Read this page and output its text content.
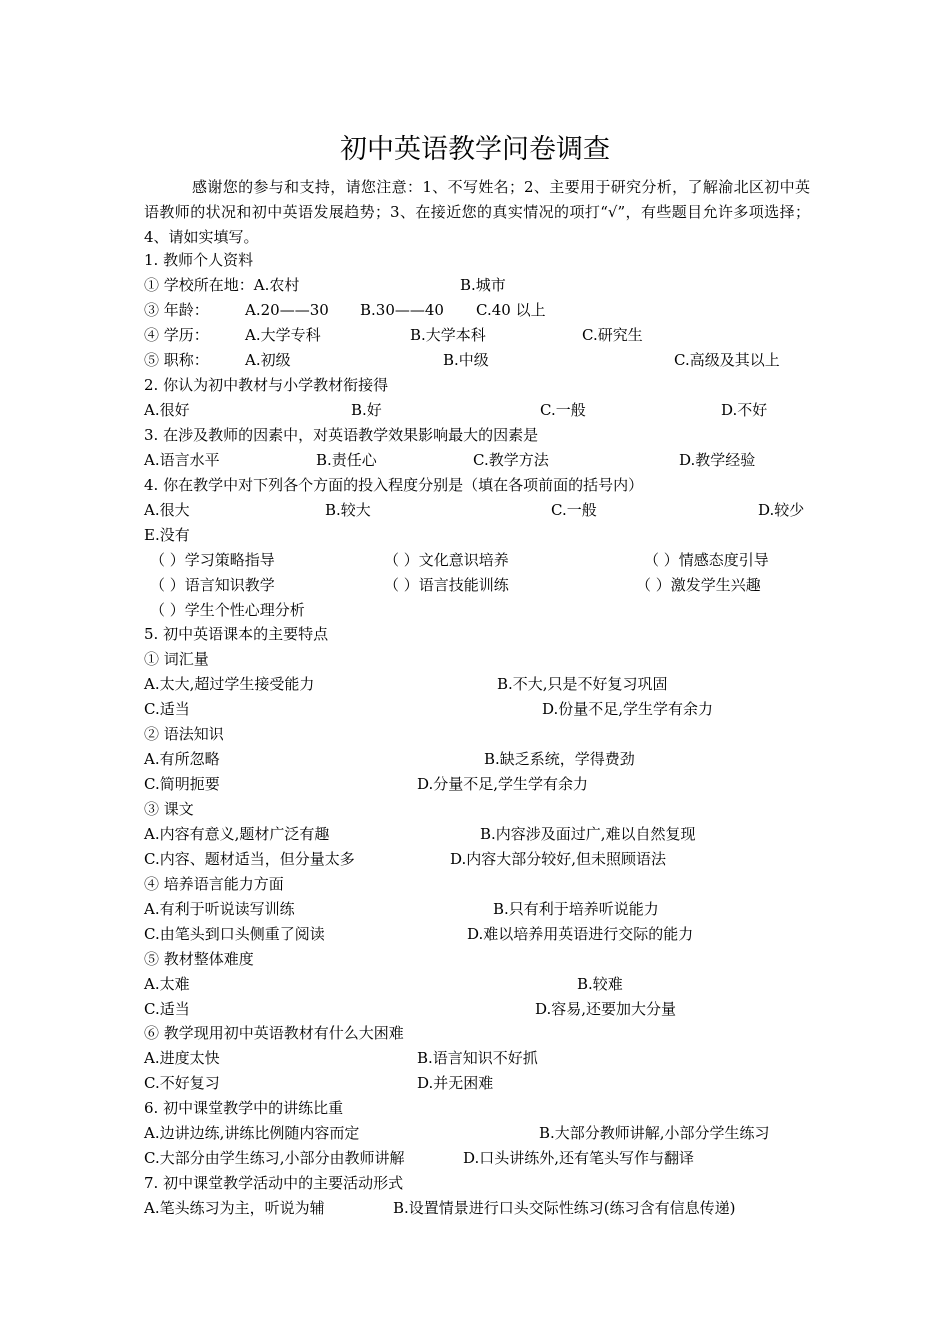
初中英语教学问卷调查
感谢您的参与和支持，请您注意：1、不写姓名；2、主要用于研究分析，了解渝北区初中英语教师的状况和初中英语发展趋势；3、在接近您的真实情况的项打“√”，有些题目允许多项选择；4、请如实填写。
1. 教师个人资料
① 学校所在地：A.农村	B.城市
③ 年龄： A.20——30 B.30——40 C.40 以上
④ 学历： A.大学专科	B.大学本科	C.研究生
⑤ 职称： A.初级	B.中级	C.高级及其以上
2. 你认为初中教材与小学教材衔接得
A.很好	B.好	C.一般	D.不好
3. 在涉及教师的因素中，对英语教学效果影响最大的因素是
A.语言水平	B.责任心	C.教学方法	D.教学经验
4. 你在教学中对下列各个方面的投入程度分别是（填在各项前面的括号内）
A.很大	B.较大	C.一般	D.较少
E.没有
（ ）学习策略指导	（ ）文化意识培养	（ ）情感态度引导
（ ）语言知识教学	（ ）语言技能训练	（ ）激发学生兴趣
（ ）学生个性心理分析
5. 初中英语课本的主要特点
① 词汇量
A.太大,超过学生接受能力	B.不大,只是不好复习巩固
C.适当	D.份量不足,学生学有余力
② 语法知识
A.有所忽略	B.缺乏系统，学得费劲
C.简明扼要	D.分量不足,学生学有余力
③ 课文
A.内容有意义,题材广泛有趣	B.内容涉及面过广,难以自然复现
C.内容、题材适当，但分量太多	D.内容大部分较好,但未照顾语法
④ 培养语言能力方面
A.有利于听说读写训练	B.只有利于培养听说能力
C.由笔头到口头侧重了阅读	D.难以培养用英语进行交际的能力
⑤ 教材整体难度
A.太难	B.较难
C.适当	D.容易,还要加大分量
⑥ 教学现用初中英语教材有什么大困难
A.进度太快	B.语言知识不好抓
C.不好复习	D.并无困难
6. 初中课堂教学中的讲练比重
A.边讲边练,讲练比例随内容而定	B.大部分教师讲解,小部分学生练习
C.大部分由学生练习,小部分由教师讲解	D.口头讲练外,还有笔头写作与翻译
7. 初中课堂教学活动中的主要活动形式
A.笔头练习为主，听说为辅	B.设置情景进行口头交际性练习(练习含有信息传递)
